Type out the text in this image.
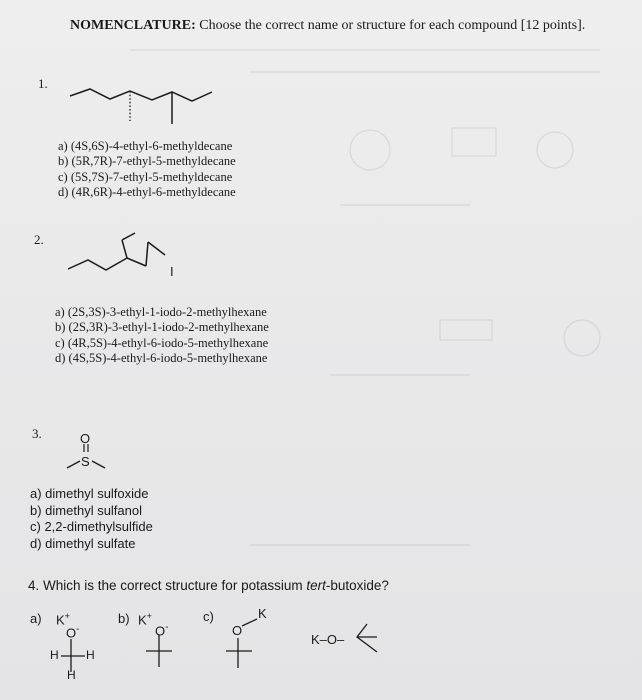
NOMENCLATURE: Choose the correct name or structure for each compound [12 points].
1.
a) (4S,6S)-4-ethyl-6-methyldecane
b) (5R,7R)-7-ethyl-5-methyldecane
c) (5S,7S)-7-ethyl-5-methyldecane
d) (4R,6R)-4-ethyl-6-methyldecane
2.
I
a) (2S,3S)-3-ethyl-1-iodo-2-methylhexane
b) (2S,3R)-3-ethyl-1-iodo-2-methylhexane
c) (4R,5S)-4-ethyl-6-iodo-5-methylhexane
d) (4S,5S)-4-ethyl-6-iodo-5-methylhexane
3.	O
S
a) dimethyl sulfoxide
b) dimethyl sulfanol
c) 2,2-dimethylsulfide
d) dimethyl sulfate
4. Which is the correct structure for potassium tert-butoxide?
a) K+
O-
H H
H
b) K+
O-
c)	K
O
K–O–
